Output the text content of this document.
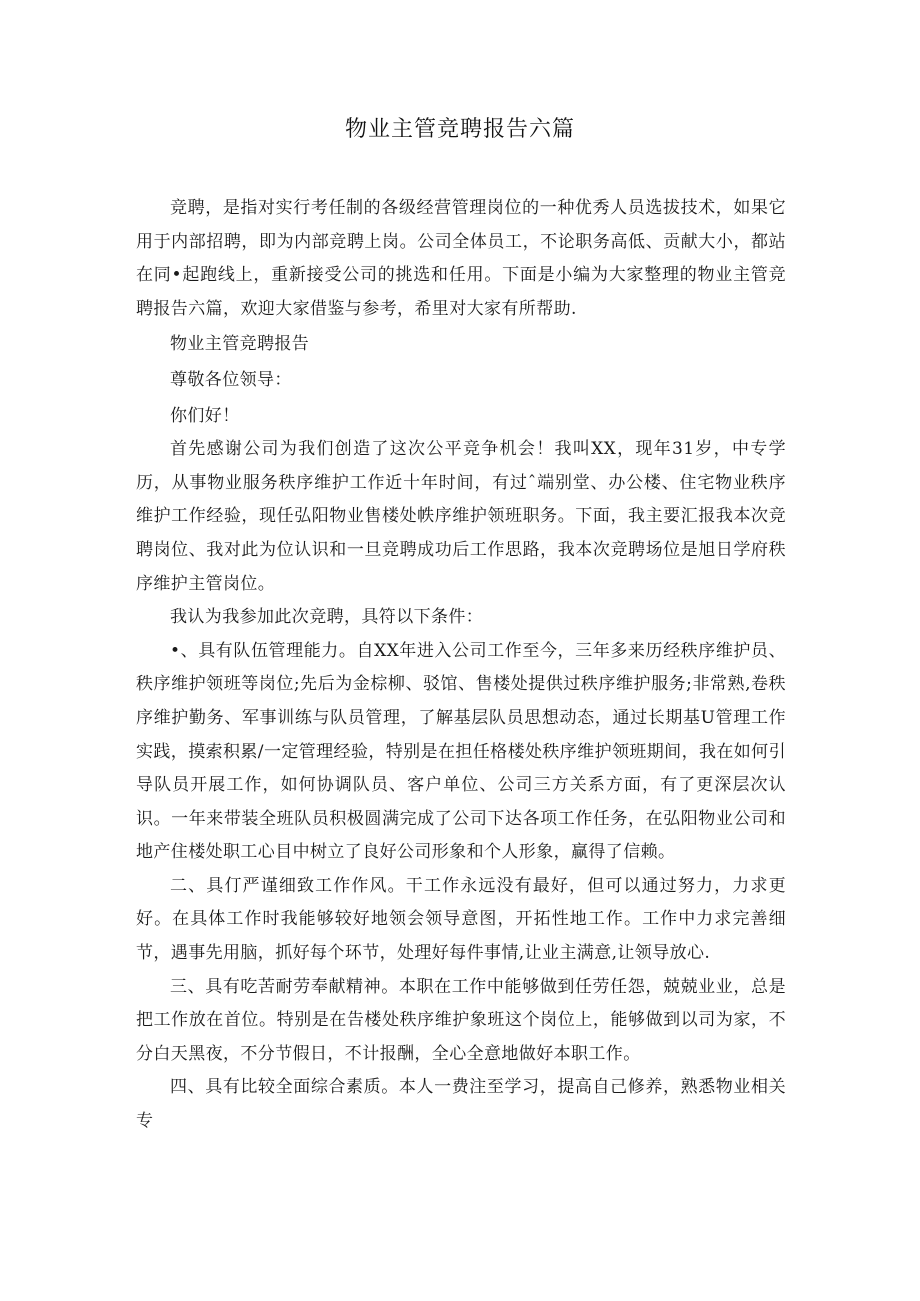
物业主管竞聘报告六篇

竞聘，是指对实行考任制的各级经营管理岗位的一种优秀人员选拔技术，如果它用于内部招聘，即为内部竞聘上岗。公司全体员工，不论职务高低、贡献大小，都站在同•起跑线上，重新接受公司的挑选和任用。下面是小编为大家整理的物业主管竞聘报告六篇，欢迎大家借鉴与参考，希里对大家有所帮助.

物业主管竞聘报告

尊敬各位领导：

你们好！

首先感谢公司为我们创造了这次公平竞争机会！我叫XX，现年31岁，中专学历，从事物业服务秩序维护工作近十年时间，有过ˆ端别堂、办公楼、住宅物业秩序维护工作经验，现任弘阳物业售楼处帙序维护领班职务。下面，我主要汇报我本次竞聘岗位、我对此为位认识和一旦竞聘成功后工作思路，我本次竞聘场位是旭日学府秩序维护主管岗位。

我认为我参加此次竞聘，具符以下条件：

•、具有队伍管理能力。自XX年进入公司工作至今，三年多来历经秩序维护员、秩序维护领班等岗位;先后为金棕柳、驳馆、售楼处提供过秩序维护服务;非常熟,卷秩序维护勤务、军事训练与队员管理，了解基层队员思想动态，通过长期基U管理工作实践，摸索积累/一定管理经验，特别是在担任格楼处秩序维护领班期间，我在如何引导队员开展工作，如何协调队员、客户单位、公司三方关系方面，有了更深层次认识。一年来带装全班队员积极圆满完成了公司下达各项工作任务，在弘阳物业公司和地产住楼处职工心目中树立了良好公司形象和个人形象，赢得了信赖。

二、具仃严谨细致工作作风。干工作永远没有最好，但可以通过努力，力求更好。在具体工作时我能够较好地领会领导意图，开拓性地工作。工作中力求完善细节，遇事先用脑，抓好每个环节，处理好每件事情,让业主满意,让领导放心.

三、具有吃苦耐劳奉献精神。本职在工作中能够做到任劳任怨，兢兢业业，总是把工作放在首位。特别是在告楼处秩序维护象班这个岗位上，能够做到以司为家，不分白天黑夜，不分节假日，不计报酬，全心全意地做好本职工作。

四、具有比较全面综合素质。本人一费注至学习，提高自己修养，熟悉物业相关专
